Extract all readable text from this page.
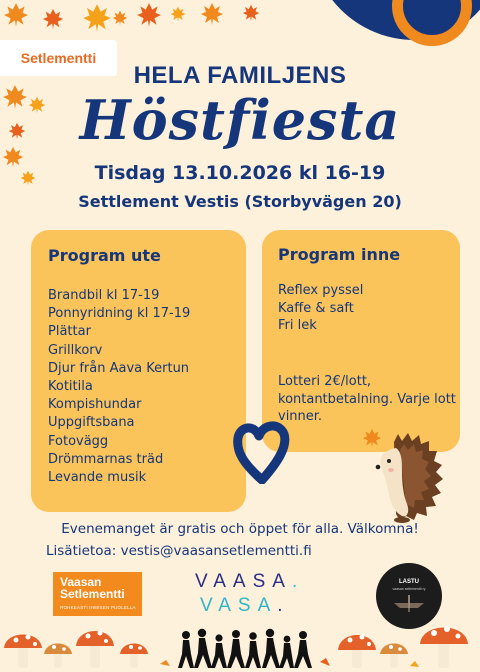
Setlementti
HELA FAMILJENS
Höstfiesta
Tisdag 13.10.2026 kl 16-19
Settlement Vestis (Storbyvägen 20)
Program ute
Brandbil kl 17-19
Ponnyridning kl 17-19
Plättar
Grillkorv
Djur från Aava Kertun
Kotitila
Kompishundar
Uppgiftsbana
Fotovägg
Drömmarnas träd
Levande musik
Program inne
Reflex pyssel
Kaffe & saft
Fri lek
Lotteri 2€/lott, kontantbetalning. Varje lott vinner.
Evenemanget är gratis och öppet för alla. Välkomna!
Lisätietoa: vestis@vaasansetlementti.fi
Vaasan
Setlementti
ROHKEASTI IHMISEN PUOLELLA
VAASA.
VASA.
LASTU
vaasan setlementti ry
